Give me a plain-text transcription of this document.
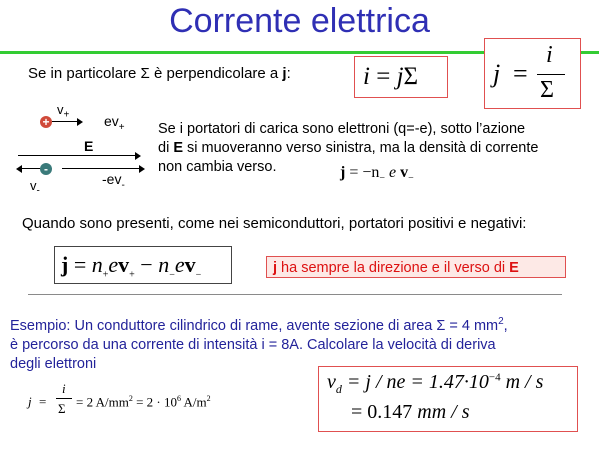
Corrente elettrica
Se in particolare Σ è perpendicolare a j:	i = jΣ	j =
i
Σ
$v_+$
+	$ev_+$
E
-
$v_-$
$-ev_-$
Se i portatori di carica sono elettroni (q=-e), sotto l’azione
di E si muoveranno verso sinistra, ma la densità di corrente
non cambia verso.	$j = -n_-$ e $v_-$
Quando sono presenti, come nei semiconduttori, portatori positivi e negativi:
$j = n_+ev_+ - n_-ev_-$	j ha sempre la direzione e il verso di E
Esempio: Un conduttore cilindrico di rame, avente sezione di area Σ = 4 $mm^2$,
è percorso da una corrente di intensità i = 8A. Calcolare la velocità di deriva
degli elettroni
j =
i
Σ = 2 $A/mm^2 = 2 \cdot 10^6$ $A/m^2$
$v_d = j$ / ne = $1.47\cdot 10^{-4}$ m / s
= 0.147 mm / s
